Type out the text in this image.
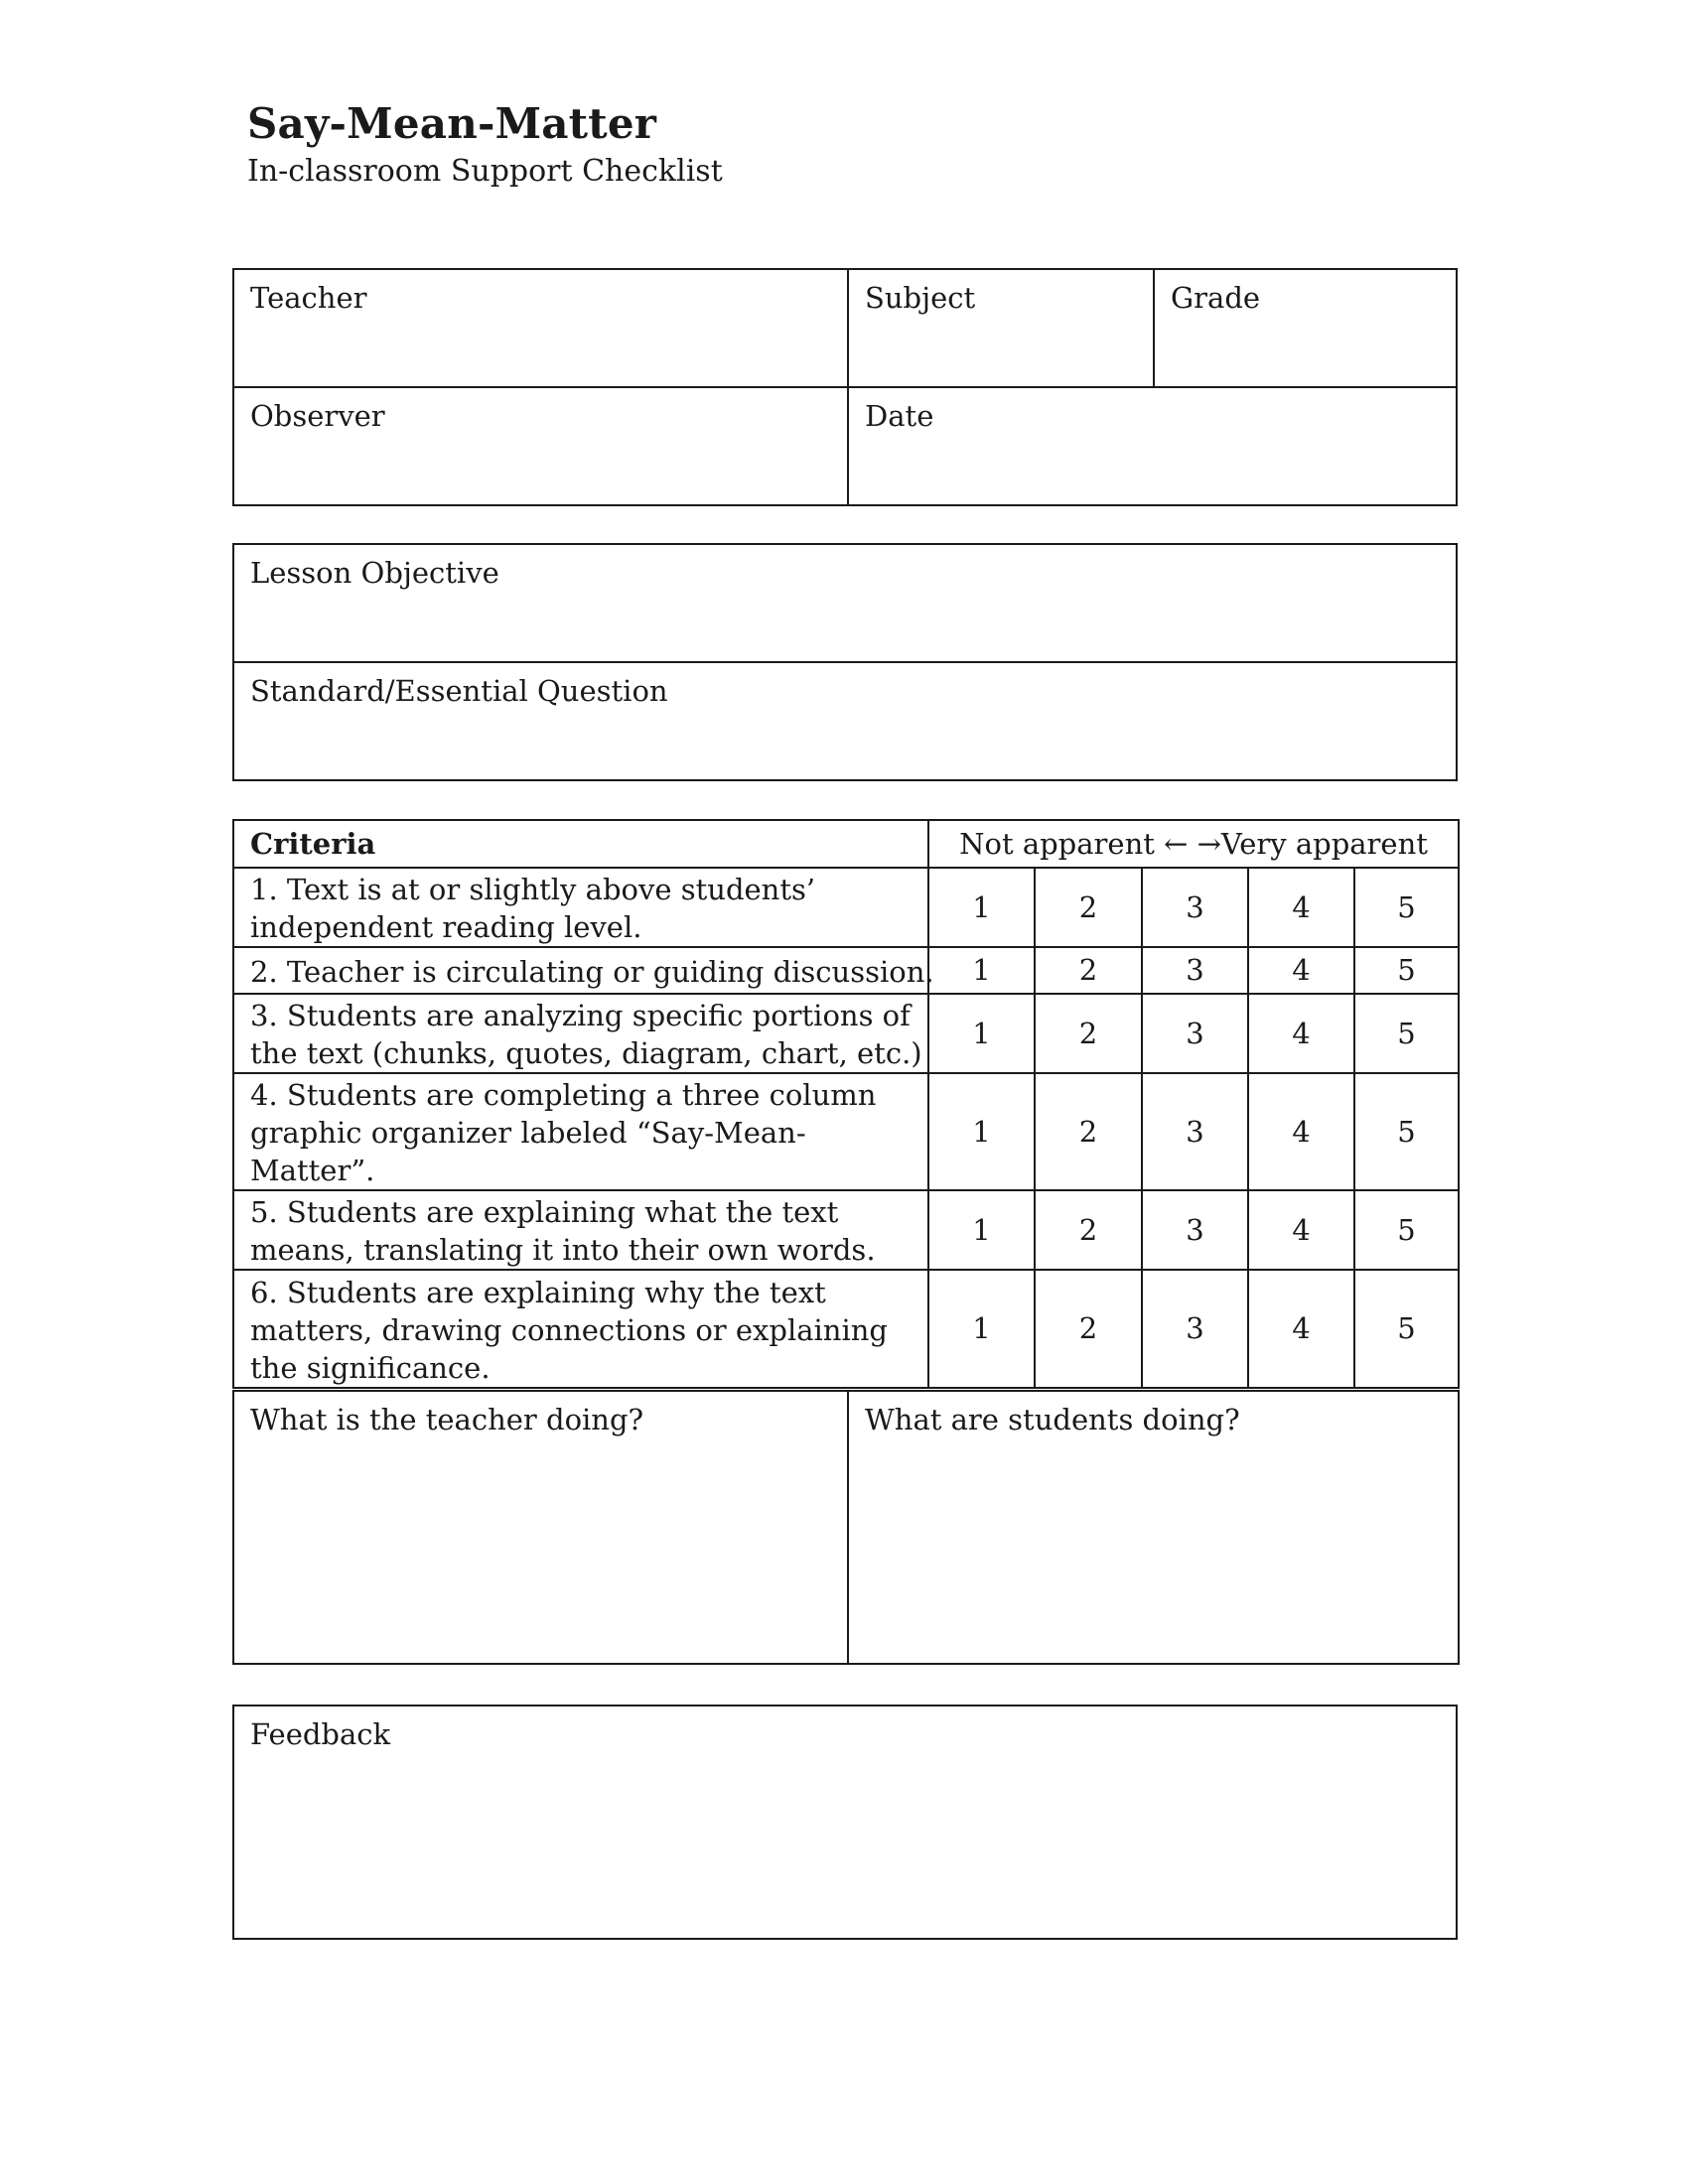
Say-Mean-Matter

In-classroom Support Checklist

Teacher	Subject	Grade

Observer	Date	
Lesson Objective

Standard/Essential Question
Criteria	Not apparent ← →Very apparent				
1. Text is at or slightly above students’ independent reading level.	1	2	3	4	5
2. Teacher is circulating or guiding discussion.	1	2	3	4	5
3. Students are analyzing specific portions of the text (chunks, quotes, diagram, chart, etc.)	1	2	3	4	5
4. Students are completing a three column graphic organizer labeled “Say-Mean-Matter”.	1	2	3	4	5
5. Students are explaining what the text means, translating it into their own words.	1	2	3	4	5
6. Students are explaining why the text matters, drawing connections or explaining the significance.	1	2	3	4	5
What is the teacher doing?	What are students doing?
Feedback
